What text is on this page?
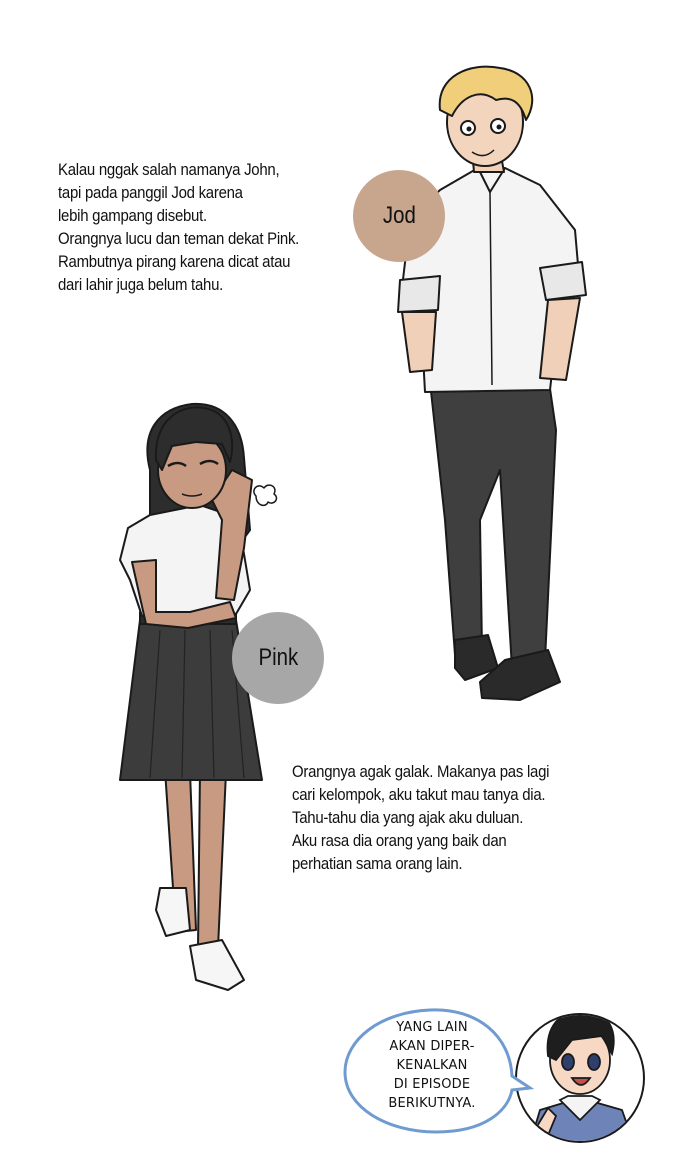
Kalau nggak salah namanya John,
tapi pada panggil Jod karena
lebih gampang disebut.
Orangnya lucu dan teman dekat Pink.
Rambutnya pirang karena dicat atau
dari lahir juga belum tahu.
Jod
Pink
Orangnya agak galak. Makanya pas lagi
cari kelompok, aku takut mau tanya dia.
Tahu-tahu dia yang ajak aku duluan.
Aku rasa dia orang yang baik dan
perhatian sama orang lain.
YANG LAIN
AKAN DIPER-
KENALKAN
DI EPISODE
BERIKUTNYA.
